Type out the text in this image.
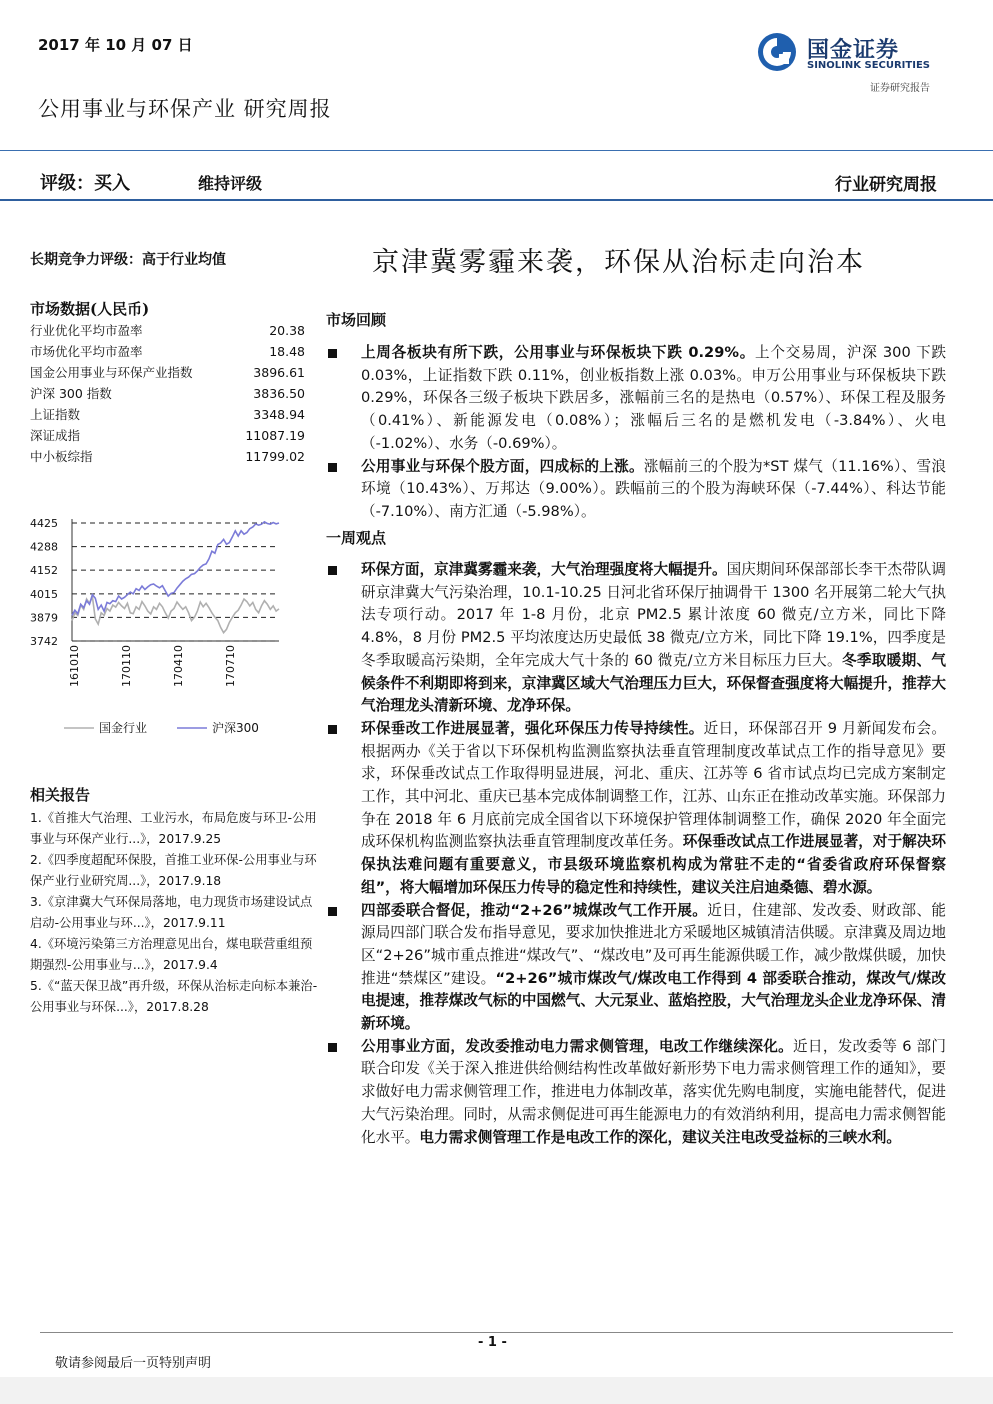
2017 年 10 月 07 日	国金证券
SINOLINK SECURITIES
证券研究报告
公用事业与环保产业 研究周报
评级：买入	维持评级	行业研究周报
长期竞争力评级：高于行业均值
市场数据(人民币)
行业优化平均市盈率	20.38
市场优化平均市盈率	18.48
国金公用事业与环保产业指数	3896.61
沪深 300 指数	3836.50
上证指数	3348.94
深证成指	11087.19
中小板综指	11799.02
4425
4288
4152
4015
3879
3742
161010	170110	170410	170710
国金行业	沪深300
相关报告
1.《首推大气治理、工业污水，布局危废与环卫-公用事业与环保产业行...》，2017.9.25
2.《四季度超配环保股，首推工业环保-公用事业与环保产业行业研究周...》，2017.9.18
3.《京津冀大气环保局落地，电力现货市场建设试点启动-公用事业与环...》，2017.9.11
4.《环境污染第三方治理意见出台，煤电联营重组预期强烈-公用事业与...》，2017.9.4
5.《“蓝天保卫战”再升级，环保从治标走向标本兼治-公用事业与环保...》，2017.8.28
京津冀雾霾来袭，环保从治标走向治本
市场回顾

上周各板块有所下跌，公用事业与环保板块下跌 0.29%。上个交易周，沪深 300 下跌 0.03%，上证指数下跌 0.11%，创业板指数上涨 0.03%。申万公用事业与环保板块下跌 0.29%，环保各三级子板块下跌居多，涨幅前三名的是热电（0.57%）、环保工程及服务（0.41%）、新能源发电（0.08%）；涨幅后三名的是燃机发电（-3.84%）、火电（-1.02%）、水务（-0.69%）。

公用事业与环保个股方面，四成标的上涨。涨幅前三的个股为*ST 煤气（11.16%）、雪浪环境（10.43%）、万邦达（9.00%）。跌幅前三的个股为海峡环保（-7.44%）、科达节能（-7.10%）、南方汇通（-5.98%）。

一周观点

环保方面，京津冀雾霾来袭，大气治理强度将大幅提升。国庆期间环保部部长李干杰带队调研京津冀大气污染治理，10.1-10.25 日河北省环保厅抽调骨干 1300 名开展第二轮大气执法专项行动。2017 年 1-8 月份，北京 PM2.5 累计浓度 60 微克/立方米，同比下降 4.8%，8 月份 PM2.5 平均浓度达历史最低 38 微克/立方米，同比下降 19.1%，四季度是冬季取暖高污染期，全年完成大气十条的 60 微克/立方米目标压力巨大。冬季取暖期、气候条件不利期即将到来，京津冀区域大气治理压力巨大，环保督查强度将大幅提升，推荐大气治理龙头清新环境、龙净环保。

环保垂改工作进展显著，强化环保压力传导持续性。近日，环保部召开 9 月新闻发布会。根据两办《关于省以下环保机构监测监察执法垂直管理制度改革试点工作的指导意见》要求，环保垂改试点工作取得明显进展，河北、重庆、江苏等 6 省市试点均已完成方案制定工作，其中河北、重庆已基本完成体制调整工作，江苏、山东正在推动改革实施。环保部力争在 2018 年 6 月底前完成全国省以下环境保护管理体制调整工作，确保 2020 年全面完成环保机构监测监察执法垂直管理制度改革任务。环保垂改试点工作进展显著，对于解决环保执法难问题有重要意义，市县级环境监察机构成为常驻不走的“省委省政府环保督察组”，将大幅增加环保压力传导的稳定性和持续性，建议关注启迪桑德、碧水源。

四部委联合督促，推动“2+26”城煤改气工作开展。近日，住建部、发改委、财政部、能源局四部门联合发布指导意见，要求加快推进北方采暖地区城镇清洁供暖。京津冀及周边地区“2+26”城市重点推进“煤改气”、“煤改电”及可再生能源供暖工作，减少散煤供暖，加快推进“禁煤区”建设。“2+26”城市煤改气/煤改电工作得到 4 部委联合推动，煤改气/煤改电提速，推荐煤改气标的中国燃气、大元泵业、蓝焰控股，大气治理龙头企业龙净环保、清新环境。

公用事业方面，发改委推动电力需求侧管理，电改工作继续深化。近日，发改委等 6 部门联合印发《关于深入推进供给侧结构性改革做好新形势下电力需求侧管理工作的通知》，要求做好电力需求侧管理工作，推进电力体制改革，落实优先购电制度，实施电能替代，促进大气污染治理。同时，从需求侧促进可再生能源电力的有效消纳利用，提高电力需求侧智能化水平。电力需求侧管理工作是电改工作的深化，建议关注电改受益标的三峡水利。

- 1 -
敬请参阅最后一页特别声明
